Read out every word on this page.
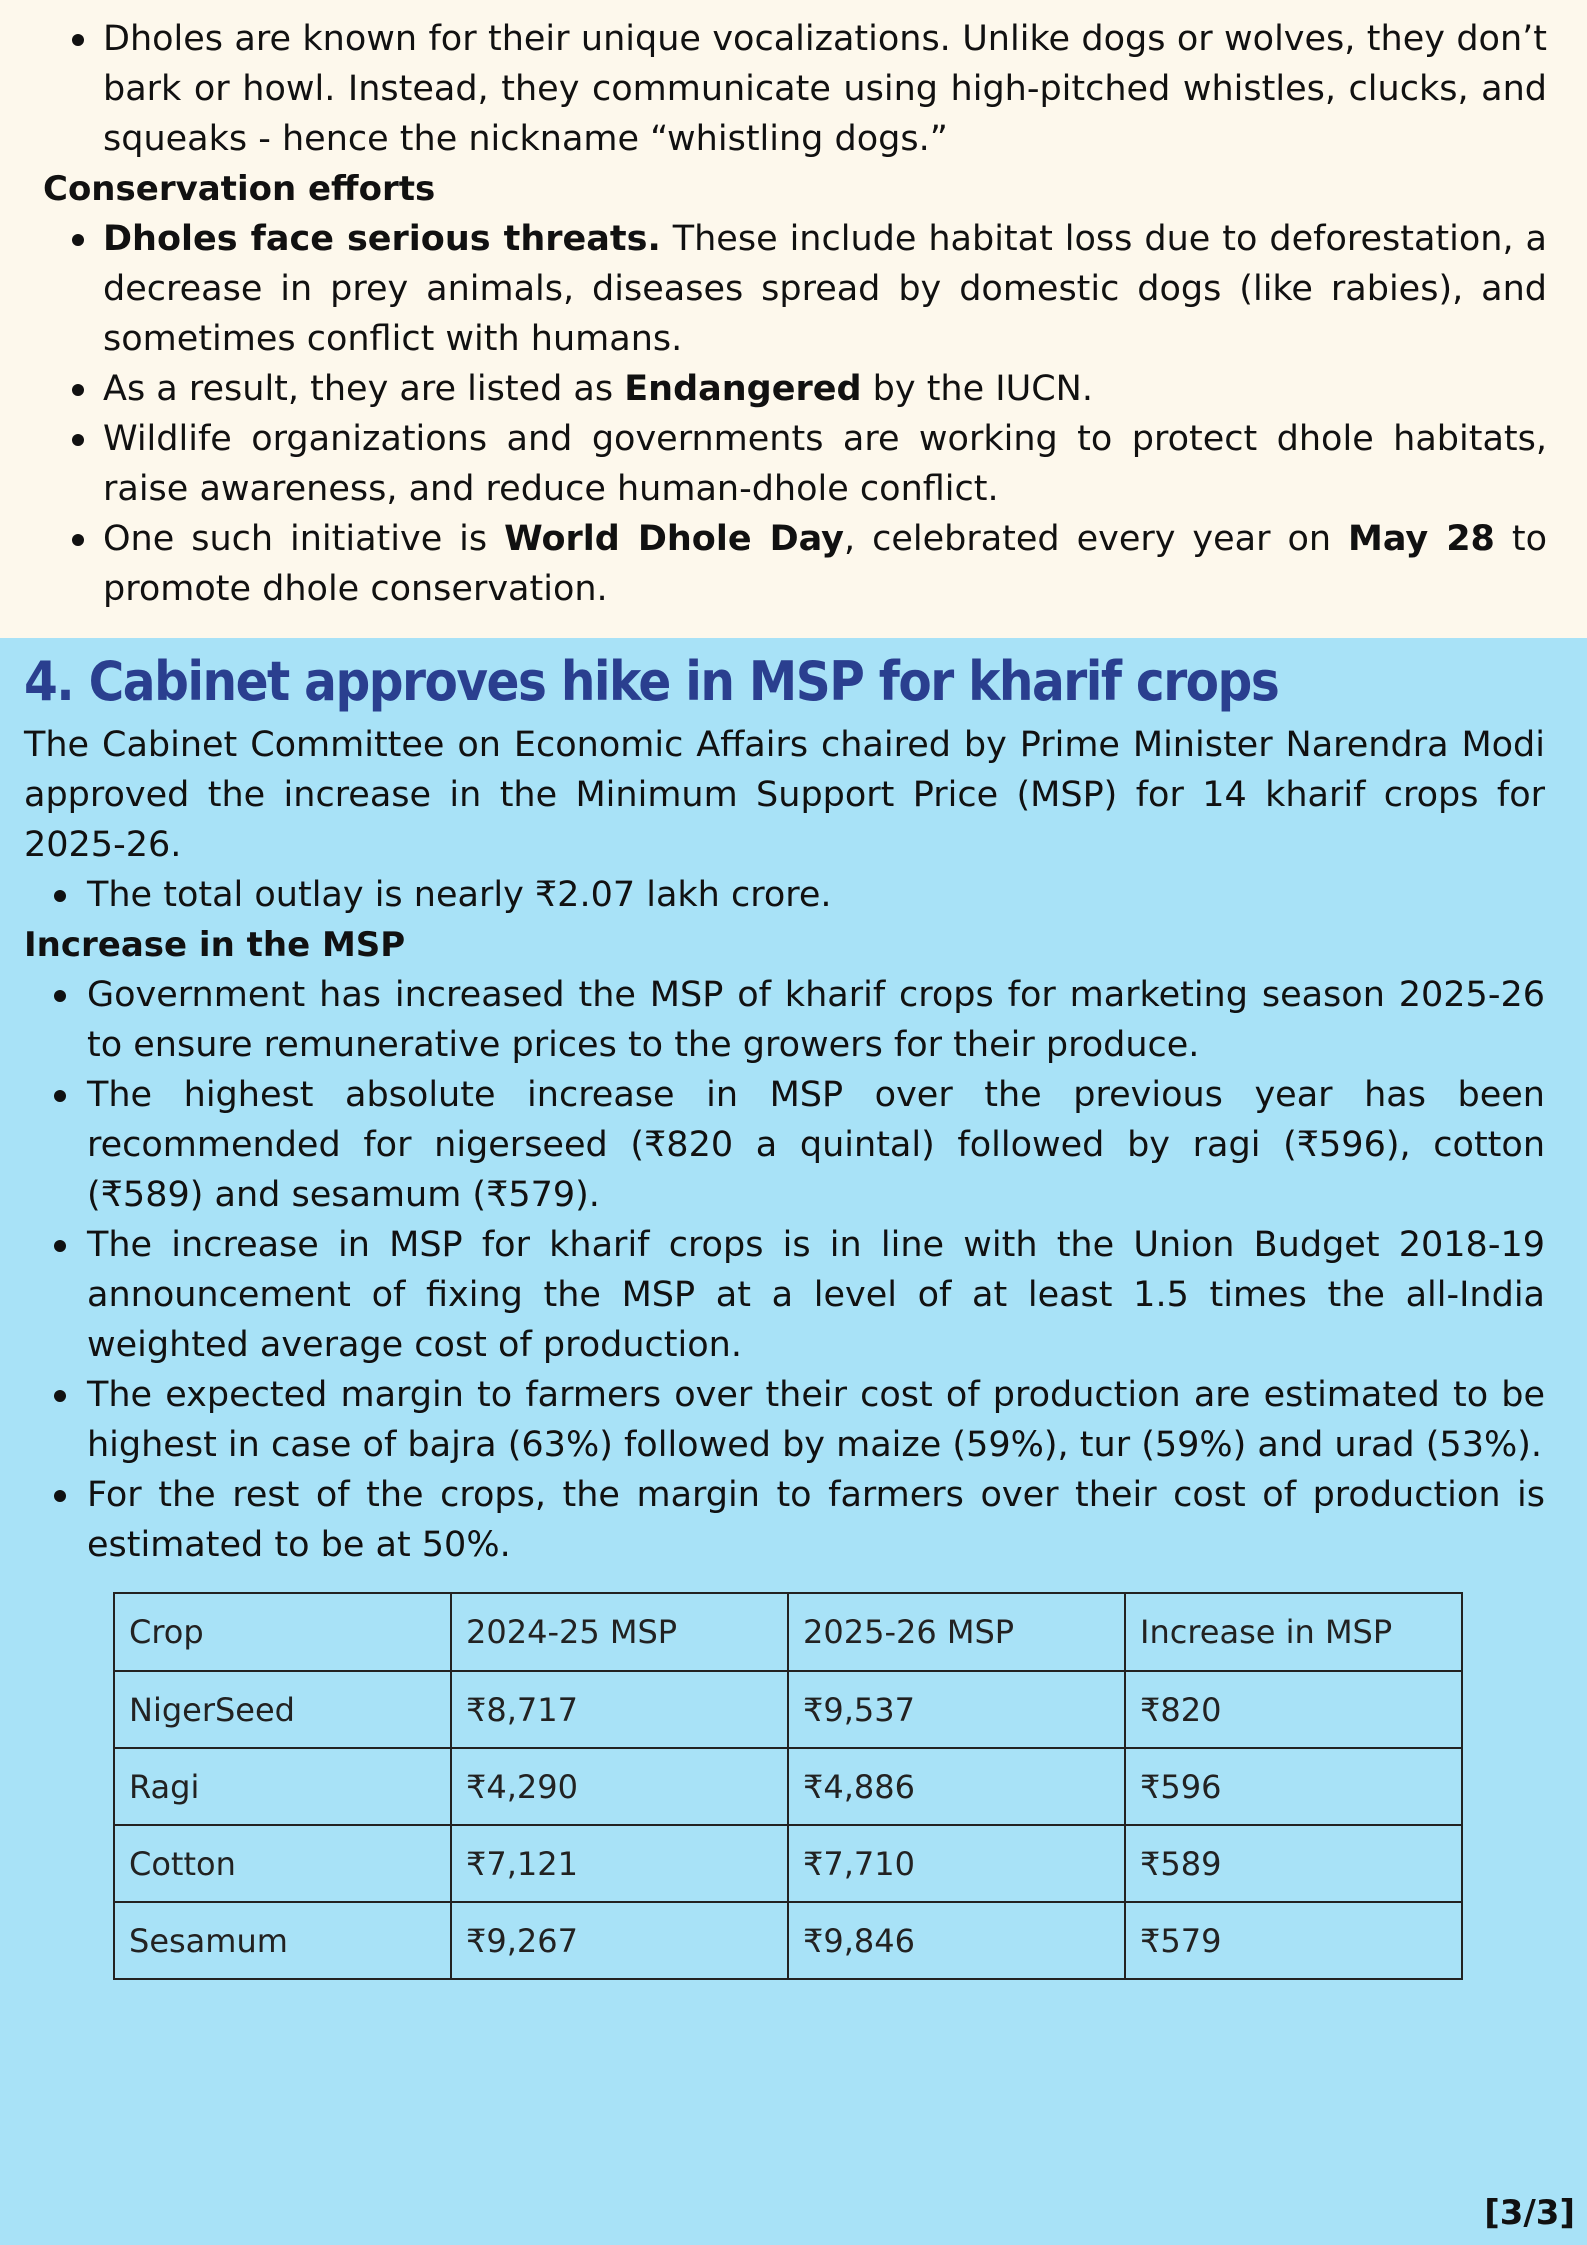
Dholes are known for their unique vocalizations. Unlike dogs or wolves, they don’t bark or howl. Instead, they communicate using high-pitched whistles, clucks, and squeaks - hence the nickname “whistling dogs.”
Conservation efforts
Dholes face serious threats. These include habitat loss due to deforestation, a decrease in prey animals, diseases spread by domestic dogs (like rabies), and sometimes conflict with humans.
As a result, they are listed as Endangered by the IUCN.
Wildlife organizations and governments are working to protect dhole habitats, raise awareness, and reduce human-dhole conflict.
One such initiative is World Dhole Day, celebrated every year on May 28 to promote dhole conservation.
4. Cabinet approves hike in MSP for kharif crops
The Cabinet Committee on Economic Affairs chaired by Prime Minister Narendra Modi approved the increase in the Minimum Support Price (MSP) for 14 kharif crops for 2025-26.
The total outlay is nearly ₹2.07 lakh crore.
Increase in the MSP
Government has increased the MSP of kharif crops for marketing season 2025-26 to ensure remunerative prices to the growers for their produce.
The highest absolute increase in MSP over the previous year has been recommended for nigerseed (₹820 a quintal) followed by ragi (₹596), cotton (₹589) and sesamum (₹579).
The increase in MSP for kharif crops is in line with the Union Budget 2018-19 announcement of fixing the MSP at a level of at least 1.5 times the all-India weighted average cost of production.
The expected margin to farmers over their cost of production are estimated to be highest in case of bajra (63%) followed by maize (59%), tur (59%) and urad (53%).
For the rest of the crops, the margin to farmers over their cost of production is estimated to be at 50%.
Crop	2024-25 MSP	2025-26 MSP	Increase in MSP
NigerSeed	₹8,717	₹9,537	₹820
Ragi	₹4,290	₹4,886	₹596
Cotton	₹7,121	₹7,710	₹589
Sesamum	₹9,267	₹9,846	₹579
[3/3]
